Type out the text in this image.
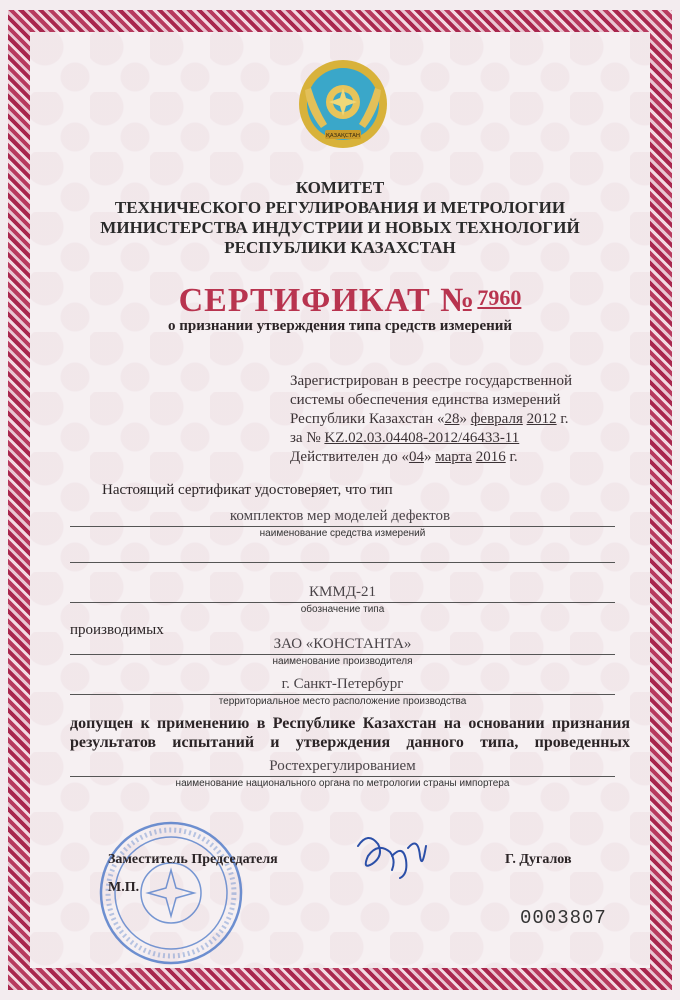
ҚАЗАҚСТАН
КОМИТЕТ
ТЕХНИЧЕСКОГО РЕГУЛИРОВАНИЯ И МЕТРОЛОГИИ
МИНИСТЕРСТВА ИНДУСТРИИ И НОВЫХ ТЕХНОЛОГИЙ
РЕСПУБЛИКИ КАЗАХСТАН
СЕРТИФИКАТ №7960
о признании утверждения типа средств измерений
Зарегистрирован в реестре государственной
системы обеспечения единства измерений
Республики Казахстан «28» февраля 2012 г.
за № KZ.02.03.04408-2012/46433-11
Действителен до «04» марта 2016 г.
Настоящий сертификат удостоверяет, что тип
комплектов мер моделей дефектов
наименование средства измерений
КММД-21
обозначение типа
производимых
ЗАО «КОНСТАНТА»
наименование производителя
г. Санкт-Петербург
территориальное место расположение производства
допущен к применению в Республике Казахстан на основании признания
результатов испытаний и утверждения данного типа, проведенных
Ростехрегулированием
наименование национального органа по метрологии страны импортера
Заместитель Председателя
М.П.
Г. Дугалов
0003807
